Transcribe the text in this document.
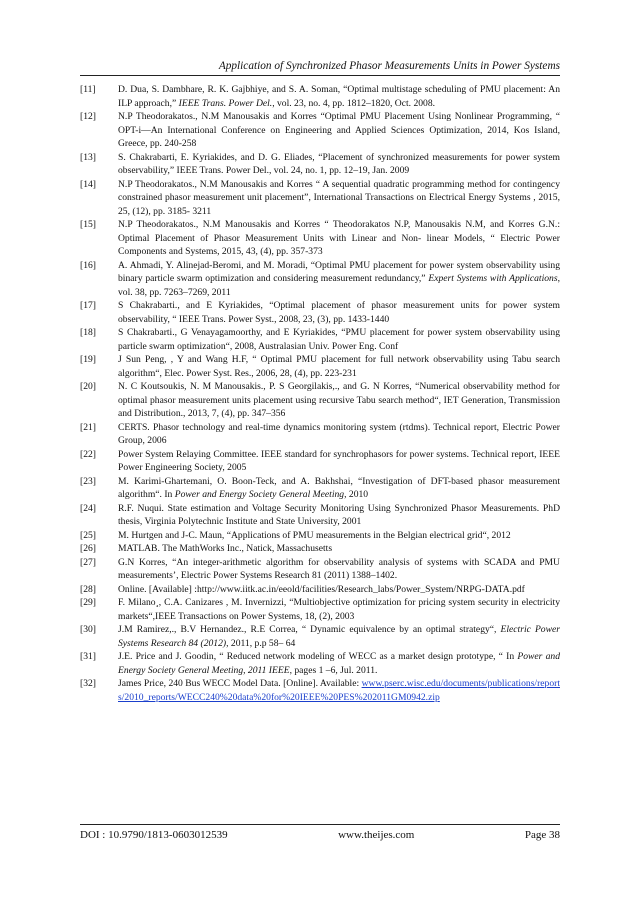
Application of Synchronized Phasor Measurements Units in Power Systems
[11]	D. Dua, S. Dambhare, R. K. Gajbhiye, and S. A. Soman, “Optimal multistage scheduling of PMU placement: An ILP approach,” IEEE Trans. Power Del., vol. 23, no. 4, pp. 1812–1820, Oct. 2008.
[12]	N.P Theodorakatos., N.M Manousakis and Korres “Optimal PMU Placement Using Nonlinear Programming, “ OPT-i—An International Conference on Engineering and Applied Sciences Optimization, 2014, Kos Island, Greece, pp. 240-258
[13]	S. Chakrabarti, E. Kyriakides, and D. G. Eliades, “Placement of synchronized measurements for power system observability,” IEEE Trans. Power Del., vol. 24, no. 1, pp. 12–19, Jan. 2009
[14]	N.P Theodorakatos., N.M Manousakis and Korres “ A sequential quadratic programming method for contingency constrained phasor measurement unit placement”, International Transactions on Electrical Energy Systems , 2015, 25, (12), pp. 3185‐ 3211
[15]	N.P Theodorakatos., N.M Manousakis and Korres “ Theodorakatos N.P, Manousakis N.M, and Korres G.N.: Optimal Placement of Phasor Measurement Units with Linear and Non‐ linear Models, “ Electric Power Components and Systems, 2015, 43, (4), pp. 357-373
[16]	A. Ahmadi, Y. Alinejad-Beromi, and M. Moradi, “Optimal PMU placement for power system observability using binary particle swarm optimization and considering measurement redundancy,” Expert Systems with Applications, vol. 38, pp. 7263–7269, 2011
[17]	S Chakrabarti., and E Kyriakides, “Optimal placement of phasor measurement units for power system observability, “ IEEE Trans. Power Syst., 2008, 23, (3), pp. 1433-1440
[18]	S Chakrabarti., G Venayagamoorthy, and E Kyriakides, “PMU placement for power system observability using particle swarm optimization“, 2008, Australasian Univ. Power Eng. Conf
[19]	J Sun Peng, , Y and Wang H.F, “ Optimal PMU placement for full network observability using Tabu search algorithm“, Elec. Power Syst. Res., 2006, 28, (4), pp. 223-231
[20]	N. C Koutsoukis, N. M Manousakis., P. S Georgilakis,., and G. N Korres, “Numerical observability method for optimal phasor measurement units placement using recursive Tabu search method“, IET Generation, Transmission and Distribution., 2013, 7, (4), pp. 347–356
[21]	CERTS. Phasor technology and real-time dynamics monitoring system (rtdms). Technical report, Electric Power Group, 2006
[22]	Power System Relaying Committee. IEEE standard for synchrophasors for power systems. Technical report, IEEE Power Engineering Society, 2005
[23]	M. Karimi-Ghartemani, O. Boon-Teck, and A. Bakhshai, “Investigation of DFT-based phasor measurement algorithm“. In Power and Energy Society General Meeting, 2010
[24]	R.F. Nuqui. State estimation and Voltage Security Monitoring Using Synchronized Phasor Measurements. PhD thesis, Virginia Polytechnic Institute and State University, 2001
[25]	M. Hurtgen and J-C. Maun, “Applications of PMU measurements in the Belgian electrical grid“, 2012
[26]	MATLAB. The MathWorks Inc., Natick, Massachusetts
[27]	G.N Korres, “An integer-arithmetic algorithm for observability analysis of systems with SCADA and PMU measurements’, Electric Power Systems Research 81 (2011) 1388–1402.
[28]	Online. [Available] :http://www.iitk.ac.in/eeold/facilities/Research_labs/Power_System/NRPG-DATA.pdf
[29]	F. Milano¸, C.A. Canizares , M. Invernizzi, “Multiobjective optimization for pricing system security in electricity markets“,IEEE Transactions on Power Systems, 18, (2), 2003
[30]	J.M Ramirez,., B.V Hernandez., R.E Correa, “ Dynamic equivalence by an optimal strategy“, Electric Power Systems Research 84 (2012), 2011, p.p 58– 64
[31]	J.E. Price and J. Goodin, “ Reduced network modeling of WECC as a market design prototype, “ In Power and Energy Society General Meeting, 2011 IEEE, pages 1 –6, Jul. 2011.
[32]	James Price, 240 Bus WECC Model Data. [Online]. Available: www.pserc.wisc.edu/documents/publications/reports/2010_reports/WECC240%20data%20for%20IEEE%20PES%202011GM0942.zip
DOI : 10.9790/1813-0603012539	www.theijes.com	Page 38
